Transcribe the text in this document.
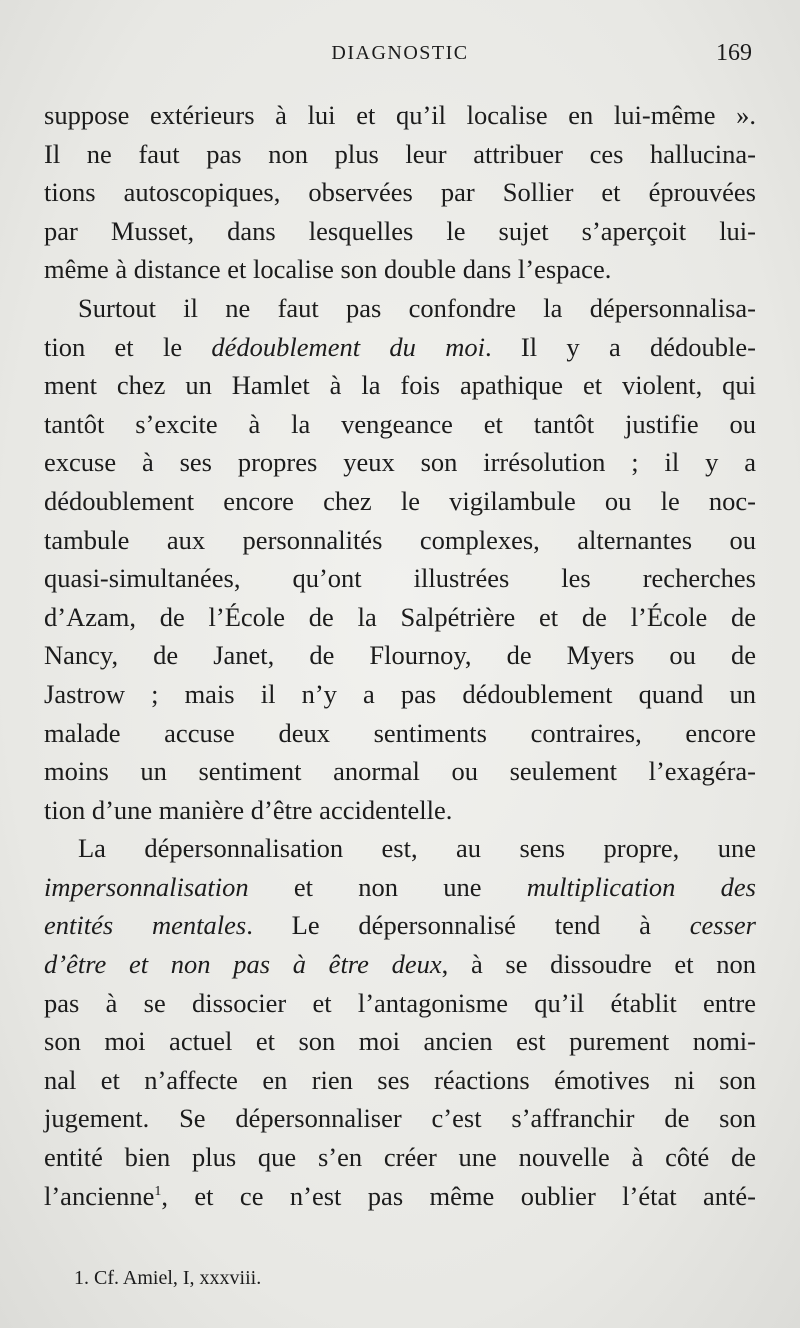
DIAGNOSTIC	169
suppose extérieurs à lui et qu’il localise en lui-même ».
Il ne faut pas non plus leur attribuer ces hallucina-
tions autoscopiques, observées par Sollier et éprouvées
par Musset, dans lesquelles le sujet s’aperçoit lui-
même à distance et localise son double dans l’espace.
Surtout il ne faut pas confondre la dépersonnalisa-
tion et le dédoublement du moi. Il y a dédouble-
ment chez un Hamlet à la fois apathique et violent, qui
tantôt s’excite à la vengeance et tantôt justifie ou
excuse à ses propres yeux son irrésolution ; il y a
dédoublement encore chez le vigilambule ou le noc-
tambule aux personnalités complexes, alternantes ou
quasi-simultanées, qu’ont illustrées les recherches
d’Azam, de l’École de la Salpétrière et de l’École de
Nancy, de Janet, de Flournoy, de Myers ou de
Jastrow ; mais il n’y a pas dédoublement quand un
malade accuse deux sentiments contraires, encore
moins un sentiment anormal ou seulement l’exagéra-
tion d’une manière d’être accidentelle.
La dépersonnalisation est, au sens propre, une
impersonnalisation et non une multiplication des
entités mentales. Le dépersonnalisé tend à cesser
d’être et non pas à être deux, à se dissoudre et non
pas à se dissocier et l’antagonisme qu’il établit entre
son moi actuel et son moi ancien est purement nomi-
nal et n’affecte en rien ses réactions émotives ni son
jugement. Se dépersonnaliser c’est s’affranchir de son
entité bien plus que s’en créer une nouvelle à côté de
l’ancienne$^1$, et ce n’est pas même oublier l’état anté-
1. Cf. Amiel, I, xxxviii.
